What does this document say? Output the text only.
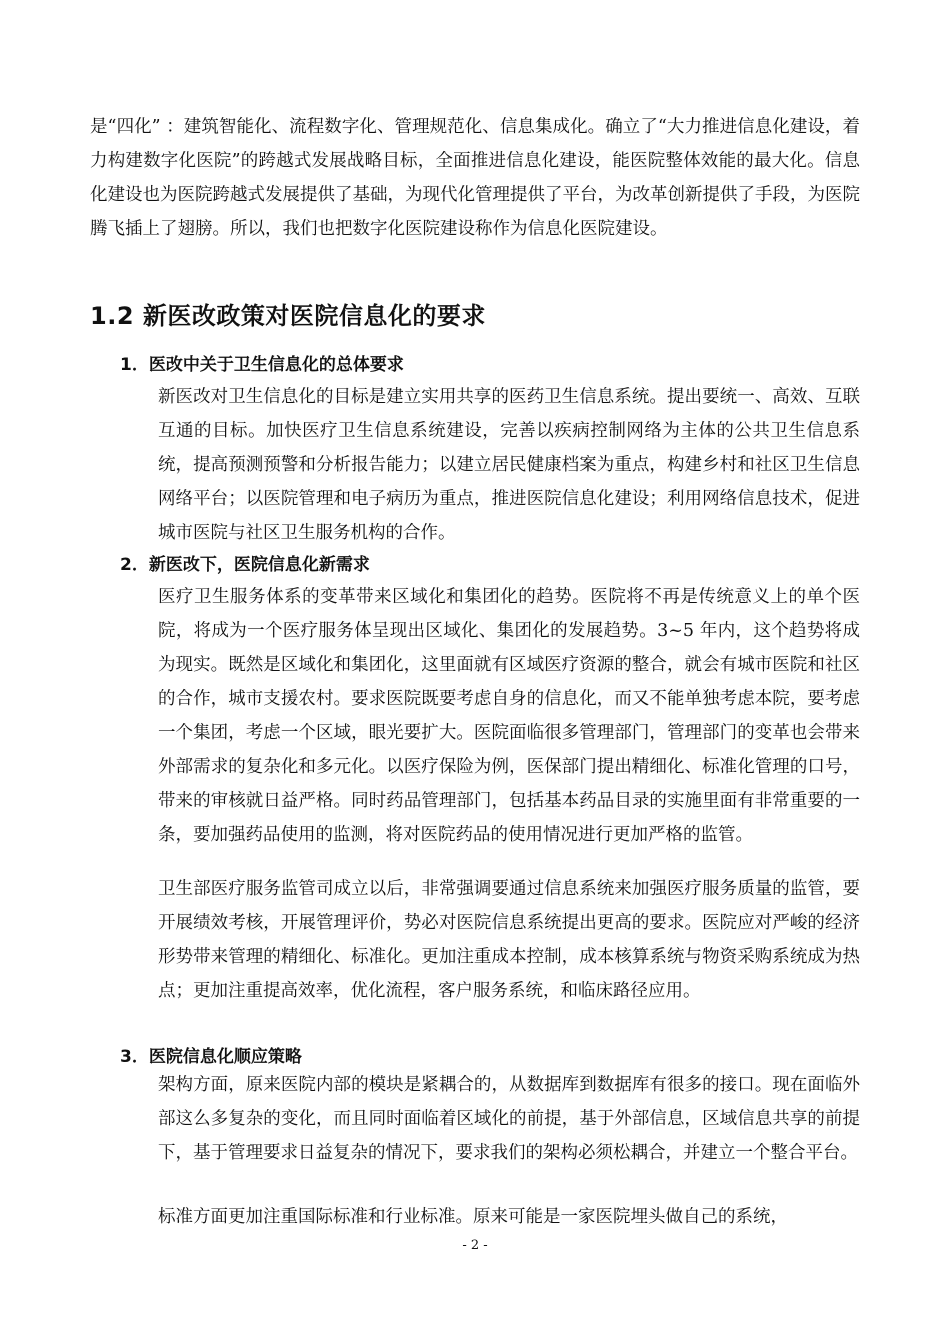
是“四化” ：建筑智能化、流程数字化、管理规范化、信息集成化。确立了“大力推进信息化建设，着力构建数字化医院”的跨越式发展战略目标，全面推进信息化建设，能医院整体效能的最大化。信息化建设也为医院跨越式发展提供了基础，为现代化管理提供了平台，为改革创新提供了手段，为医院腾飞插上了翅膀。所以，我们也把数字化医院建设称作为信息化医院建设。
1.2 新医改政策对医院信息化的要求
1．医改中关于卫生信息化的总体要求
新医改对卫生信息化的目标是建立实用共享的医药卫生信息系统。提出要统一、高效、互联互通的目标。加快医疗卫生信息系统建设，完善以疾病控制网络为主体的公共卫生信息系统，提高预测预警和分析报告能力；以建立居民健康档案为重点，构建乡村和社区卫生信息网络平台；以医院管理和电子病历为重点，推进医院信息化建设；利用网络信息技术，促进城市医院与社区卫生服务机构的合作。
2．新医改下，医院信息化新需求
医疗卫生服务体系的变革带来区域化和集团化的趋势。医院将不再是传统意义上的单个医院，将成为一个医疗服务体呈现出区域化、集团化的发展趋势。3~5 年内，这个趋势将成为现实。既然是区域化和集团化，这里面就有区域医疗资源的整合，就会有城市医院和社区的合作，城市支援农村。要求医院既要考虑自身的信息化，而又不能单独考虑本院，要考虑一个集团，考虑一个区域，眼光要扩大。医院面临很多管理部门，管理部门的变革也会带来外部需求的复杂化和多元化。以医疗保险为例，医保部门提出精细化、标准化管理的口号，带来的审核就日益严格。同时药品管理部门，包括基本药品目录的实施里面有非常重要的一条，要加强药品使用的监测，将对医院药品的使用情况进行更加严格的监管。
卫生部医疗服务监管司成立以后，非常强调要通过信息系统来加强医疗服务质量的监管，要开展绩效考核，开展管理评价，势必对医院信息系统提出更高的要求。医院应对严峻的经济形势带来管理的精细化、标准化。更加注重成本控制，成本核算系统与物资采购系统成为热点；更加注重提高效率，优化流程，客户服务系统，和临床路径应用。
3．医院信息化顺应策略
架构方面，原来医院内部的模块是紧耦合的，从数据库到数据库有很多的接口。现在面临外部这么多复杂的变化，而且同时面临着区域化的前提，基于外部信息，区域信息共享的前提下，基于管理要求日益复杂的情况下，要求我们的架构必须松耦合，并建立一个整合平台。
标准方面更加注重国际标准和行业标准。原来可能是一家医院埋头做自己的系统，
- 2 -
